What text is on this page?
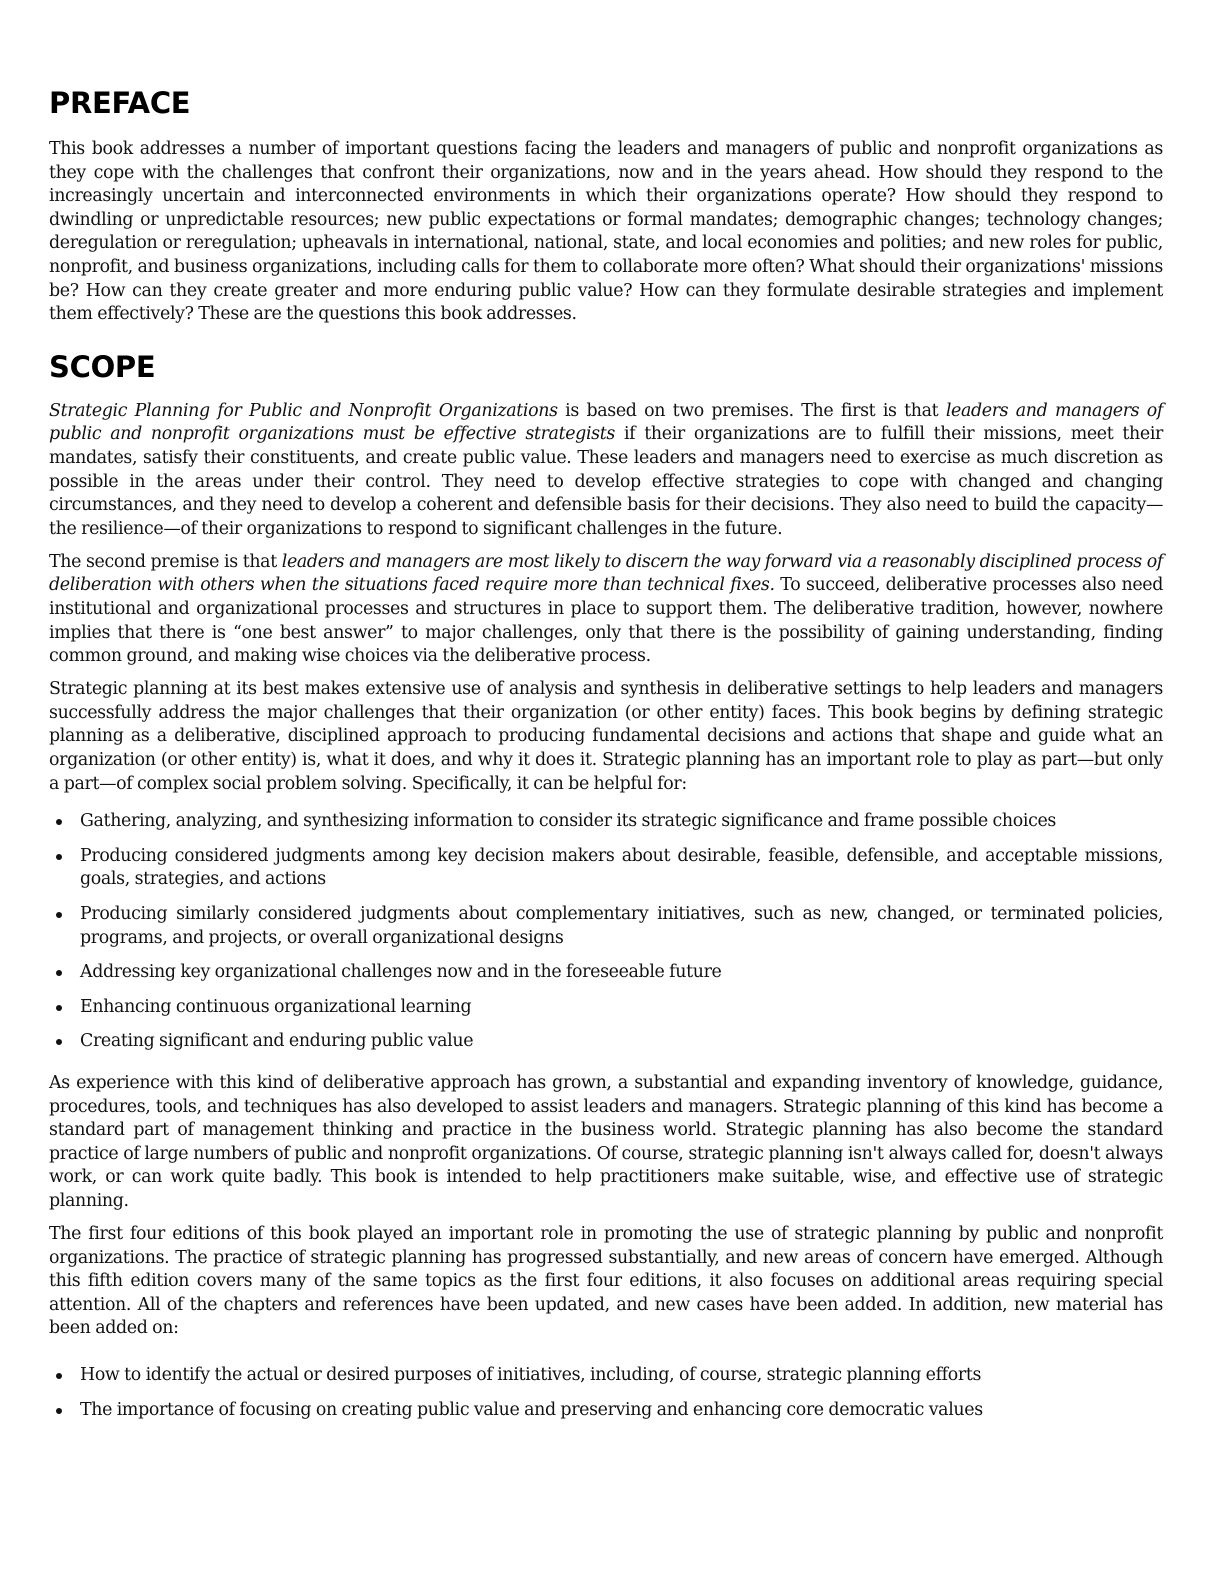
PREFACE

This book addresses a number of important questions facing the leaders and managers of public and nonprofit organizations as they cope with the challenges that confront their organizations, now and in the years ahead. How should they respond to the increasingly uncertain and interconnected environments in which their organizations operate? How should they respond to dwindling or unpredictable resources; new public expectations or formal mandates; demographic changes; technology changes; deregulation or reregulation; upheavals in international, national, state, and local economies and polities; and new roles for public, nonprofit, and business organizations, including calls for them to collaborate more often? What should their organizations' missions be? How can they create greater and more enduring public value? How can they formulate desirable strategies and implement them effectively? These are the questions this book addresses.

SCOPE

Strategic Planning for Public and Nonprofit Organizations is based on two premises. The first is that leaders and managers of public and nonprofit organizations must be effective strategists if their organizations are to fulfill their missions, meet their mandates, satisfy their constituents, and create public value. These leaders and managers need to exercise as much discretion as possible in the areas under their control. They need to develop effective strategies to cope with changed and changing circumstances, and they need to develop a coherent and defensible basis for their decisions. They also need to build the capacity—the resilience—of their organizations to respond to significant challenges in the future.

The second premise is that leaders and managers are most likely to discern the way forward via a reasonably disciplined process of deliberation with others when the situations faced require more than technical fixes. To succeed, deliberative processes also need institutional and organizational processes and structures in place to support them. The deliberative tradition, however, nowhere implies that there is “one best answer” to major challenges, only that there is the possibility of gaining understanding, finding common ground, and making wise choices via the deliberative process.

Strategic planning at its best makes extensive use of analysis and synthesis in deliberative settings to help leaders and managers successfully address the major challenges that their organization (or other entity) faces. This book begins by defining strategic planning as a deliberative, disciplined approach to producing fundamental decisions and actions that shape and guide what an organization (or other entity) is, what it does, and why it does it. Strategic planning has an important role to play as part—but only a part—of complex social problem solving. Specifically, it can be helpful for:

Gathering, analyzing, and synthesizing information to consider its strategic significance and frame possible choices
Producing considered judgments among key decision makers about desirable, feasible, defensible, and acceptable missions, goals, strategies, and actions
Producing similarly considered judgments about complementary initiatives, such as new, changed, or terminated policies, programs, and projects, or overall organizational designs
Addressing key organizational challenges now and in the foreseeable future
Enhancing continuous organizational learning
Creating significant and enduring public value

As experience with this kind of deliberative approach has grown, a substantial and expanding inventory of knowledge, guidance, procedures, tools, and techniques has also developed to assist leaders and managers. Strategic planning of this kind has become a standard part of management thinking and practice in the business world. Strategic planning has also become the standard practice of large numbers of public and nonprofit organizations. Of course, strategic planning isn't always called for, doesn't always work, or can work quite badly. This book is intended to help practitioners make suitable, wise, and effective use of strategic planning.

The first four editions of this book played an important role in promoting the use of strategic planning by public and nonprofit organizations. The practice of strategic planning has progressed substantially, and new areas of concern have emerged. Although this fifth edition covers many of the same topics as the first four editions, it also focuses on additional areas requiring special attention. All of the chapters and references have been updated, and new cases have been added. In addition, new material has been added on:

How to identify the actual or desired purposes of initiatives, including, of course, strategic planning efforts
The importance of focusing on creating public value and preserving and enhancing core democratic values
